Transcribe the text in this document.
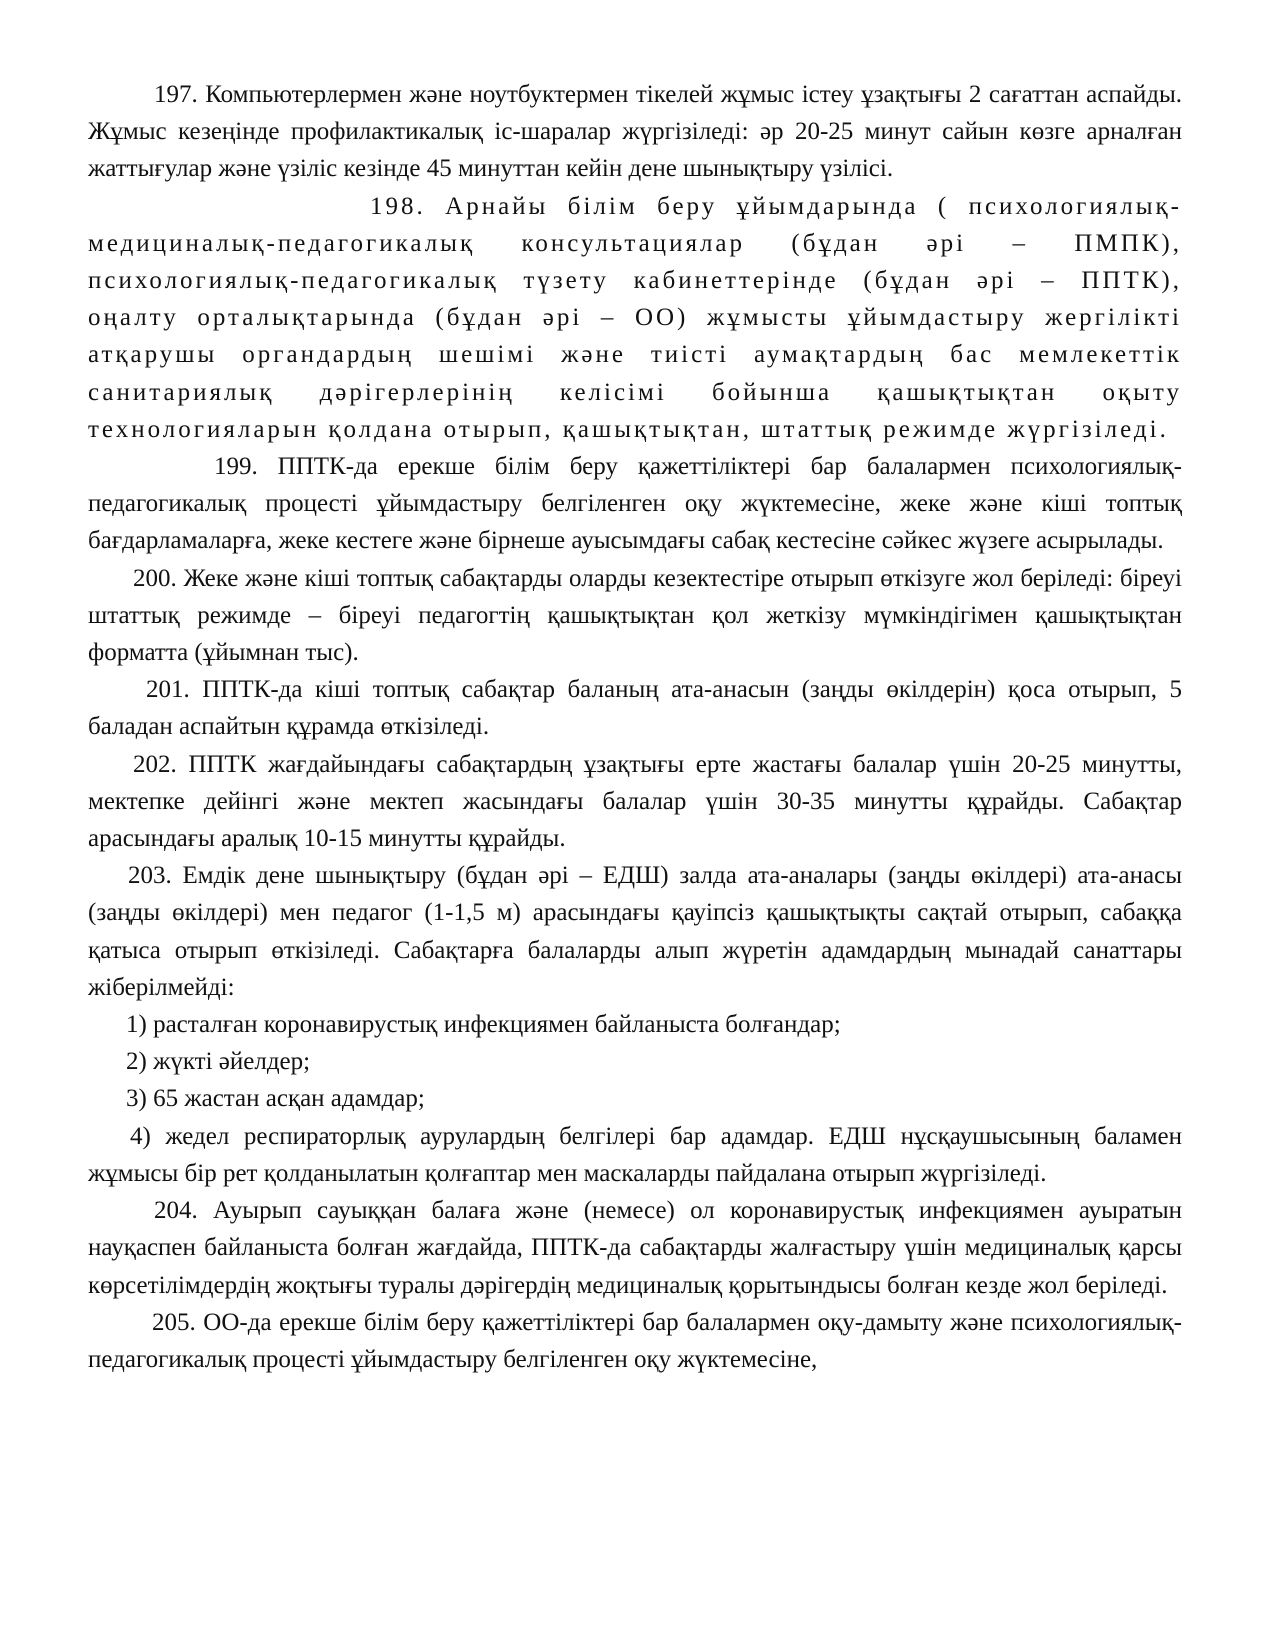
197. Компьютерлермен және ноутбуктермен тікелей жұмыс істеу ұзақтығы 2 сағаттан аспайды. Жұмыс кезеңінде профилактикалық іс-шаралар жүргізіледі: әр 20-25 минут сайын көзге арналған жаттығулар және үзіліс кезінде 45 минуттан кейін дене шынықтыру үзілісі.

198. Арнайы білім беру ұйымдарында ( психологиялық-медициналық-педагогикалық консультациялар (бұдан әрі – ПМПК), психологиялық-педагогикалық түзету кабинеттерінде (бұдан әрі – ППТК), оңалту орталықтарында (бұдан әрі – ОО) жұмысты ұйымдастыру жергілікті атқарушы органдардың шешімі және тиісті аумақтардың бас мемлекеттік санитариялық дәрігерлерінің келісімі бойынша қашықтықтан оқыту технологияларын қолдана отырып, қашықтықтан, штаттық режимде жүргізіледі.

199. ППТК-да ерекше білім беру қажеттіліктері бар балалармен психологиялық-педагогикалық процесті ұйымдастыру белгіленген оқу жүктемесіне, жеке және кіші топтық бағдарламаларға, жеке кестеге және бірнеше ауысымдағы сабақ кестесіне сәйкес жүзеге асырылады.

200. Жеке және кіші топтық сабақтарды оларды кезектестіре отырып өткізуге жол беріледі: біреуі штаттық режимде – біреуі педагогтің қашықтықтан қол жеткізу мүмкіндігімен қашықтықтан форматта (ұйымнан тыс).

201. ППТК-да кіші топтық сабақтар баланың ата-анасын (заңды өкілдерін) қоса отырып, 5 баладан аспайтын құрамда өткізіледі.

202. ППТК жағдайындағы сабақтардың ұзақтығы ерте жастағы балалар үшін 20-25 минутты, мектепке дейінгі және мектеп жасындағы балалар үшін 30-35 минутты құрайды. Сабақтар арасындағы аралық 10-15 минутты құрайды.

203. Емдік дене шынықтыру (бұдан әрі – ЕДШ) залда ата-аналары (заңды өкілдері) ата-анасы (заңды өкілдері) мен педагог (1-1,5 м) арасындағы қауіпсіз қашықтықты сақтай отырып, сабаққа қатыса отырып өткізіледі. Сабақтарға балаларды алып жүретін адамдардың мынадай санаттары жіберілмейді:

1) расталған коронавирустық инфекциямен байланыста болғандар;

2) жүкті әйелдер;

3) 65 жастан асқан адамдар;

4) жедел респираторлық аурулардың белгілері бар адамдар. ЕДШ нұсқаушысының баламен жұмысы бір рет қолданылатын қолғаптар мен маскаларды пайдалана отырып жүргізіледі.

204. Ауырып сауыққан балаға және (немесе) ол коронавирустық инфекциямен ауыратын науқаспен байланыста болған жағдайда, ППТК-да сабақтарды жалғастыру үшін медициналық қарсы көрсетілімдердің жоқтығы туралы дәрігердің медициналық қорытындысы болған кезде жол беріледі.

205. ОО-да ерекше білім беру қажеттіліктері бар балалармен оқу-дамыту және психологиялық-педагогикалық процесті ұйымдастыру белгіленген оқу жүктемесіне,
